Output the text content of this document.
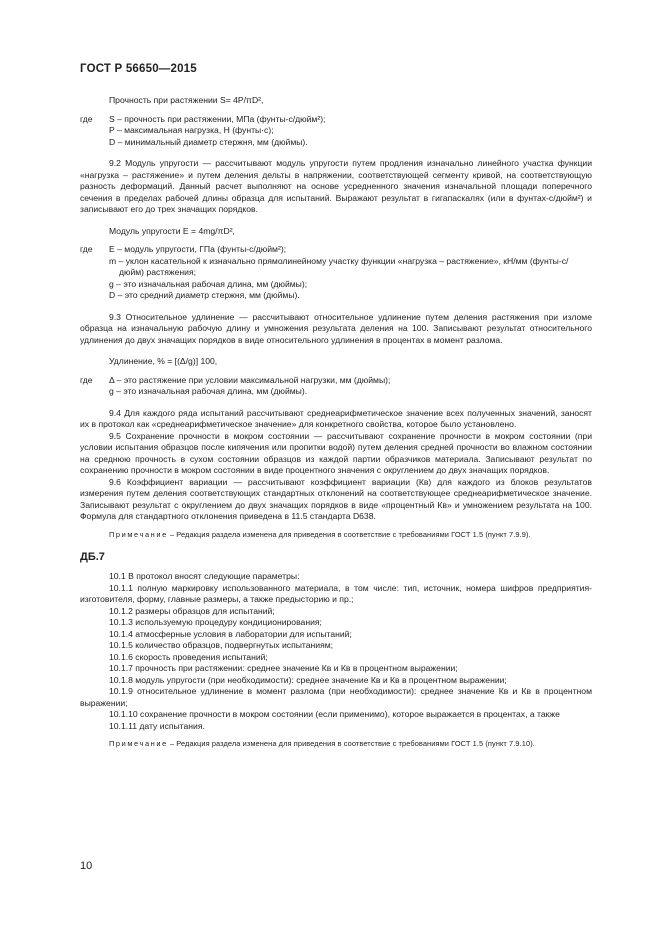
ГОСТ Р 56650—2015

Прочность при растяжении S= 4P/πD²,

где	S – прочность при растяжении, МПа (фунты-с/дюйм²);

P – максимальная нагрузка, Н (фунты·с);

D – минимальный диаметр стержня, мм (дюймы).

9.2 Модуль упругости — рассчитывают модуль упругости путем продления изначально линейного участка функции «нагрузка – растяжение» и путем деления дельты в напряжении, соответствующей сегменту кривой, на соответствующую разность деформаций. Данный расчет выполняют на основе усредненного значения изначальной площади поперечного сечения в пределах рабочей длины образца для испытаний. Выражают результат в гигапаскалях (или в фунтах-с/дюйм²) и записывают его до трех значащих порядков.

Модуль упругости E = 4mg/πD²,

где	E – модуль упругости, ГПа (фунты-с/дюйм²);

m – уклон касательной к изначально прямолинейному участку функции «нагрузка – растяжение», кН/мм (фунты-с/дюйм) растяжения;

g – это изначальная рабочая длина, мм (дюймы);

D – это средний диаметр стержня, мм (дюймы).

9.3 Относительное удлинение — рассчитывают относительное удлинение путем деления растяжения при изломе образца на изначальную рабочую длину и умножения результата деления на 100. Записывают результат относительного удлинения до двух значащих порядков в виде относительного удлинения в процентах в момент разлома.

Удлинение, % = [(Δ/g)] 100,

где	Δ – это растяжение при условии максимальной нагрузки, мм (дюймы);

g – это изначальная рабочая длина, мм (дюймы).

9.4 Для каждого ряда испытаний рассчитывают среднеарифметическое значение всех полученных значений, заносят их в протокол как «среднеарифметическое значение» для конкретного свойства, которое было установлено.

9.5 Сохранение прочности в мокром состоянии — рассчитывают сохранение прочности в мокром состоянии (при условии испытания образцов после кипячения или пропитки водой) путем деления средней прочности во влажном состоянии на среднюю прочность в сухом состоянии образцов из каждой партии образчиков материала. Записывают результат по сохранению прочности в мокром состоянии в виде процентного значения с округлением до двух значащих порядков.

9.6 Коэффициент вариации — рассчитывают коэффициент вариации (Кв) для каждого из блоков результатов измерения путем деления соответствующих стандартных отклонений на соответствующее среднеарифметическое значение. Записывают результат с округлением до двух значащих порядков в виде «процентный Кв» и умножением результата на 100. Формула для стандартного отклонения приведена в 11.5 стандарта D638.

Примечание – Редакция раздела изменена для приведения в соответствие с требованиями ГОСТ 1.5 (пункт 7.9.9).

ДБ.7

10.1 В протокол вносят следующие параметры:

10.1.1 полную маркировку использованного материала, в том числе: тип, источник, номера шифров предприятия-изготовителя, форму, главные размеры, а также предысторию и пр.;

10.1.2 размеры образцов для испытаний;

10.1.3 используемую процедуру кондиционирования;

10.1.4 атмосферные условия в лаборатории для испытаний;

10.1.5 количество образцов, подвергнутых испытаниям;

10.1.6 скорость проведения испытаний;

10.1.7 прочность при растяжении: среднее значение Кв и Кв в процентном выражении;

10.1.8 модуль упругости (при необходимости): среднее значение Кв и Кв в процентном выражении;

10.1.9 относительное удлинение в момент разлома (при необходимости): среднее значение Кв и Кв в процентном выражении;

10.1.10 сохранение прочности в мокром состоянии (если применимо), которое выражается в процентах, а также

10.1.11 дату испытания.

Примечание – Редакция раздела изменена для приведения в соответствие с требованиями ГОСТ 1.5 (пункт 7.9.10).

10
